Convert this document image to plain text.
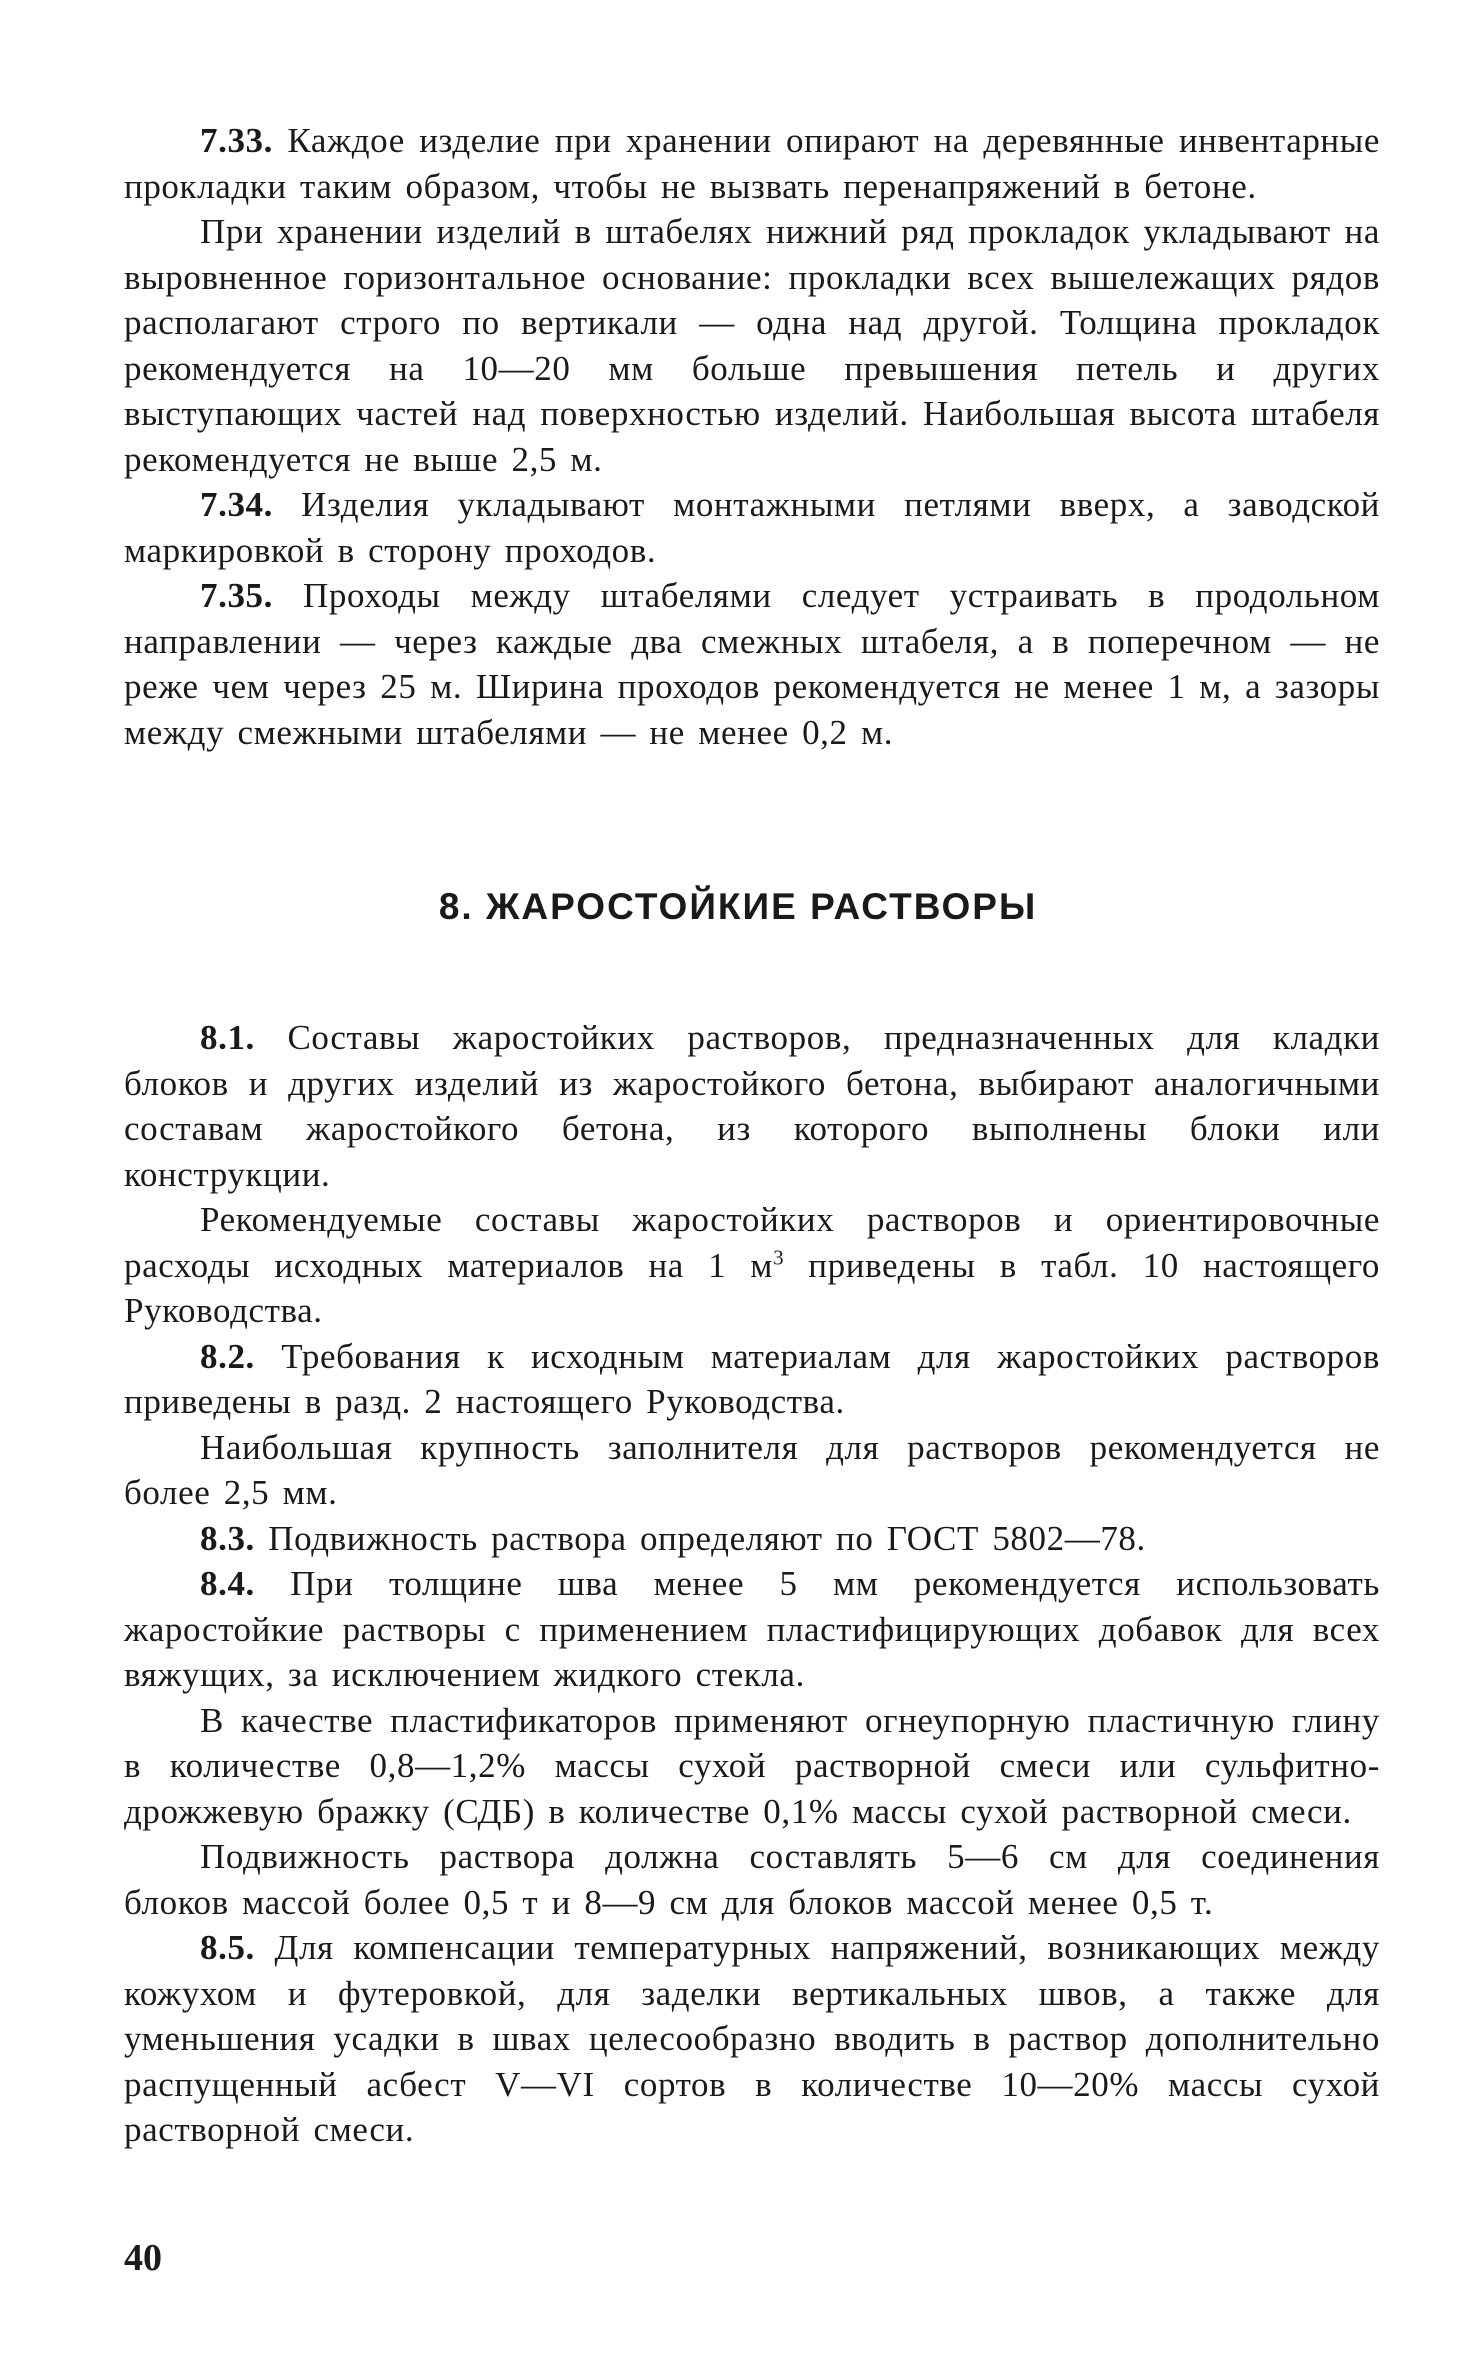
7.33. Каждое изделие при хранении опирают на деревянные инвентарные прокладки таким образом, чтобы не вызвать перенапряжений в бетоне.

При хранении изделий в штабелях нижний ряд прокладок укладывают на выровненное горизонтальное основание: прокладки всех вышележащих рядов располагают строго по вертикали — одна над другой. Толщина прокладок рекомендуется на 10—20 мм больше превышения петель и других выступающих частей над поверхностью изделий. Наибольшая высота штабеля рекомендуется не выше 2,5 м.

7.34. Изделия укладывают монтажными петлями вверх, а заводской маркировкой в сторону проходов.

7.35. Проходы между штабелями следует устраивать в продольном направлении — через каждые два смежных штабеля, а в поперечном — не реже чем через 25 м. Ширина проходов рекомендуется не менее 1 м, а зазоры между смежными штабелями — не менее 0,2 м.

8. ЖАРОСТОЙКИЕ РАСТВОРЫ

8.1. Составы жаростойких растворов, предназначенных для кладки блоков и других изделий из жаростойкого бетона, выбирают аналогичными составам жаростойкого бетона, из которого выполнены блоки или конструкции.

Рекомендуемые составы жаростойких растворов и ориентировочные расходы исходных материалов на 1 $м^3$ приведены в табл. 10 настоящего Руководства.

8.2. Требования к исходным материалам для жаростойких растворов приведены в разд. 2 настоящего Руководства.

Наибольшая крупность заполнителя для растворов рекомендуется не более 2,5 мм.

8.3. Подвижность раствора определяют по ГОСТ 5802—78.

8.4. При толщине шва менее 5 мм рекомендуется использовать жаростойкие растворы с применением пластифицирующих добавок для всех вяжущих, за исключением жидкого стекла.

В качестве пластификаторов применяют огнеупорную пластичную глину в количестве 0,8—1,2% массы сухой растворной смеси или сульфитно-дрожжевую бражку (СДБ) в количестве 0,1% массы сухой растворной смеси.

Подвижность раствора должна составлять 5—6 см для соединения блоков массой более 0,5 т и 8—9 см для блоков массой менее 0,5 т.

8.5. Для компенсации температурных напряжений, возникающих между кожухом и футеровкой, для заделки вертикальных швов, а также для уменьшения усадки в швах целесообразно вводить в раствор дополнительно распущенный асбест V—VI сортов в количестве 10—20% массы сухой растворной смеси.

40
